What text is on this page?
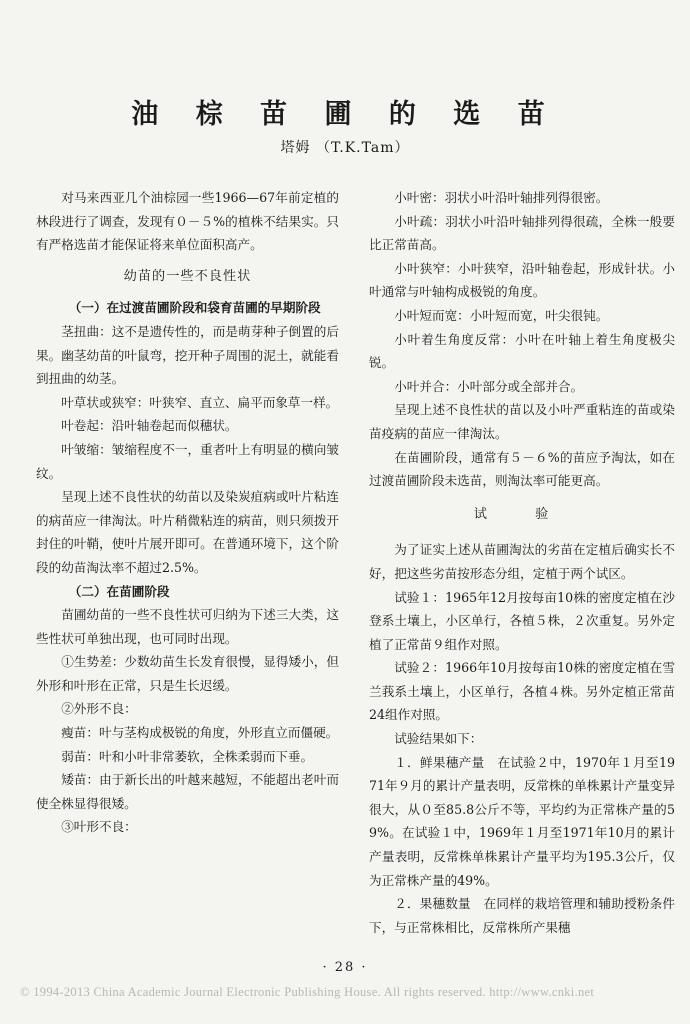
油 棕 苗 圃 的 选 苗
塔姆 （T.K.Tam）

对马来西亚几个油棕园一些1966—67年前定植的林段进行了调查，发现有０－５%的植株不结果实。只有严格选苗才能保证将来单位面积高产。

幼苗的一些不良性状
（一）在过渡苗圃阶段和袋育苗圃的早期阶段

茎扭曲：这不是遗传性的，而是萌芽种子倒置的后果。幽茎幼苗的叶鼠弯，挖开种子周围的泥土，就能看到扭曲的幼茎。

叶草状或狭窄：叶狭窄、直立、扁平而象草一样。

叶卷起：沿叶轴卷起而似穗状。

叶皱缩：皱缩程度不一，重者叶上有明显的横向皱纹。

呈现上述不良性状的幼苗以及染炭疽病或叶片粘连的病苗应一律淘汰。叶片稍微粘连的病苗，则只须拨开封住的叶鞘，使叶片展开即可。在普通环境下，这个阶段的幼苗淘汰率不超过2.5%。

（二）在苗圃阶段

苗圃幼苗的一些不良性状可归纳为下述三大类，这些性状可单独出现，也可同时出现。

①生势差：少数幼苗生长发育很慢，显得矮小，但外形和叶形在正常，只是生长迟缓。

②外形不良：

瘦苗：叶与茎构成极锐的角度，外形直立而僵硬。

弱苗：叶和小叶非常萎软，全株柔弱而下垂。

矮苗：由于新长出的叶越来越短，不能超出老叶而使全株显得很矮。

③叶形不良：

小叶密：羽状小叶沿叶轴排列得很密。

小叶疏：羽状小叶沿叶轴排列得很疏，全株一般要比正常苗高。

小叶狭窄：小叶狭窄，沿叶轴卷起，形成针状。小叶通常与叶轴构成极锐的角度。

小叶短而宽：小叶短而宽，叶尖很钝。

小叶着生角度反常：小叶在叶轴上着生角度极尖锐。

小叶并合：小叶部分或全部并合。

呈现上述不良性状的苗以及小叶严重粘连的苗或染苗疫病的苗应一律淘汰。

在苗圃阶段，通常有５－６%的苗应予淘汰，如在过渡苗圃阶段未选苗，则淘汰率可能更高。

试 验

为了证实上述从苗圃淘汰的劣苗在定植后确实长不好，把这些劣苗按形态分组，定植于两个试区。

试验１：1965年12月按每亩10株的密度定植在沙登系土壤上，小区单行，各植５株，２次重复。另外定植了正常苗９组作对照。

试验２：1966年10月按每亩10株的密度定植在雪兰莪系土壤上，小区单行，各植４株。另外定植正常苗24组作对照。

试验结果如下：

１．鲜果穗产量　在试验２中，1970年１月至1971年９月的累计产量表明，反常株的单株累计产量变异很大，从０至85.8公斤不等，平均约为正常株产量的59%。在试验１中，1969年１月至1971年10月的累计产量表明，反常株单株累计产量平均为195.3公斤，仅为正常株产量的49%。

２．果穗数量　在同样的栽培管理和辅助授粉条件下，与正常株相比，反常株所产果穗

· 28 ·
© 1994-2013 China Academic Journal Electronic Publishing House. All rights reserved. http://www.cnki.net
